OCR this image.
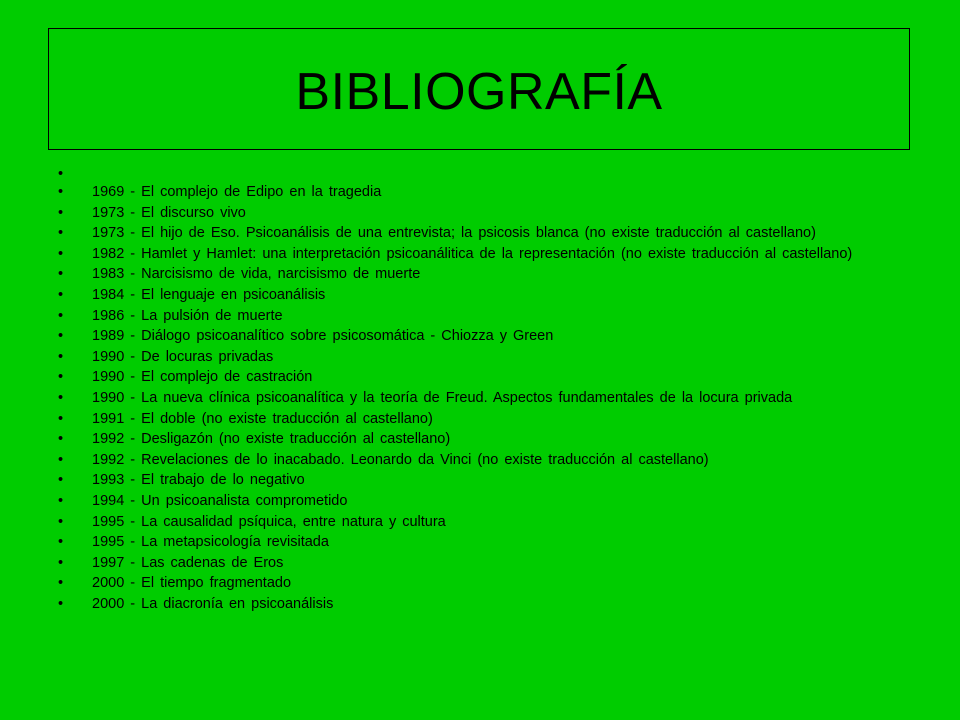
BIBLIOGRAFÍA
•
• 1969 - El complejo de Edipo en la tragedia
• 1973 - El discurso vivo
• 1973 - El hijo de Eso. Psicoanálisis de una entrevista; la psicosis blanca (no existe traducción al castellano)
• 1982 - Hamlet y Hamlet: una interpretación psicoanálitica de la representación (no existe traducción al castellano)
• 1983 - Narcisismo de vida, narcisismo de muerte
• 1984 - El lenguaje en psicoanálisis
• 1986 - La pulsión de muerte
• 1989 - Diálogo psicoanalítico sobre psicosomática - Chiozza y Green
• 1990 - De locuras privadas
• 1990 - El complejo de castración
• 1990 - La nueva clínica psicoanalítica y la teoría de Freud. Aspectos fundamentales de la locura privada
• 1991 - El doble (no existe traducción al castellano)
• 1992 - Desligazón (no existe traducción al castellano)
• 1992 - Revelaciones de lo inacabado. Leonardo da Vinci (no existe traducción al castellano)
• 1993 - El trabajo de lo negativo
• 1994 - Un psicoanalista comprometido
• 1995 - La causalidad psíquica, entre natura y cultura
• 1995 - La metapsicología revisitada
• 1997 - Las cadenas de Eros
• 2000 - El tiempo fragmentado
• 2000 - La diacronía en psicoanálisis
